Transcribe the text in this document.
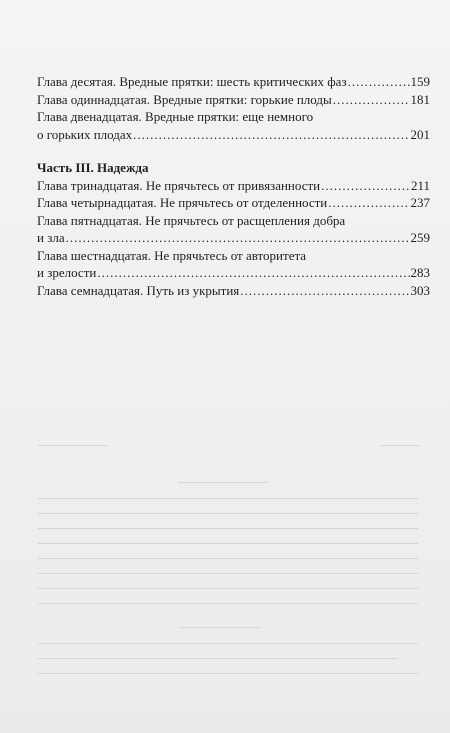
Глава десятая. Вредные прятки: шесть критических фаз .....	159
Глава одиннадцатая. Вредные прятки: горькие плоды .....	181
Глава двенадцатая. Вредные прятки: еще немного
о горьких плодах .....	201
Часть III. Надежда
Глава тринадцатая. Не прячьтесь от привязанности .....	211
Глава четырнадцатая. Не прячьтесь от отделенности .....	237
Глава пятнадцатая. Не прячьтесь от расщепления добра
и зла .....	259
Глава шестнадцатая. Не прячьтесь от авторитета
и зрелости .....	283
Глава семнадцатая. Путь из укрытия .....	303
